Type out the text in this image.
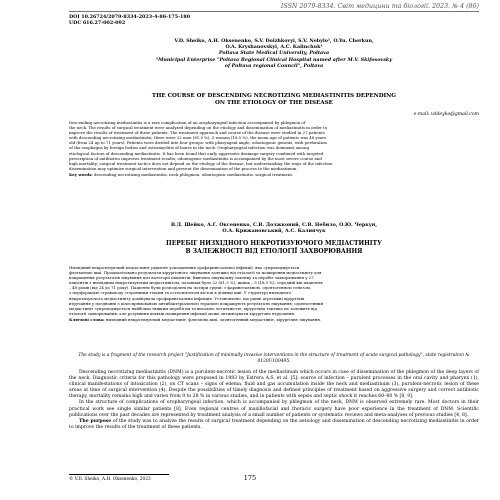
ISSN 2079-8334. Світ медицини та біології. 2023. № 4 (86)
DOI 10.26724/2079-8334-2023-4-86-175-180
UDC 616.27-002-092
V.D. Sheiko, A.H. Oksenenko, S.V. Dolzhkovyi, S.V. Nebylo¹, O.Yu. Cherkun,
O.A. Kryshanovskyi, A.C. Kalinchuk¹
Poltava State Medical University, Poltava
¹Municipal Enterprise "Poltava Regional Clinical Hospital named after M.V. Skifosovsky
of Poltava regional Council", Poltava
THE COURSE OF DESCENDING NECROTIZING MEDIASTINITIS DEPENDING
ON THE ETIOLOGY OF THE DISEASE
e-mail: vddeyko@gmail.com
Descending necrotizing mediastinitis is a rare complication of an oropharyngeal infection accompanied by phlegmon of
the neck. The results of surgical treatment were analyzed depending on the etiology and dissemination of mediastinitis in order to
improve the results of treatment of these patients. The treatment approach and course of the disease were studied in 27 patients
with descending necrotizing mediastinitis, there were 22 men (81.5 %), 5 women (18.5 %), the mean age of patients was 48 years
old (from 24 up to 71 years). Patients were divided into four groups: with pharyngeal angle, odontogenic genesis, with perforation
of the esophagus by foreign bodies and osteomyelitis of bones in the neck. Oropharyngeal infection was dominant among
etiological factors of descending mediastinitis. It has been found that early aggressive drainage surgery combined with targeted
prescription of antibiotics improves treatment results; odontogenic mediastinitis is accompanied by the most severe course and
high mortality; surgical treatment tactics does not depend on the etiology of the disease, but understanding the ways of the infection
dissemination may optimize surgical intervention and prevent the dissemination of the process to the mediastinum.
Key words: descending necrotizing mediastinitis, neck phlegmon, odontogenic mediastinitis, surgical treatment.
В.Д. Шейко, А.Г. Оксененко, С.В. Должковий, С.В. Небило, О.Ю. Черкун,
О.А. Крижановський, А.С. Калинчук
ПЕРЕБІГ НИЗХІДНОГО НЕКРОТИЗУЮЧОГО МЕДІАСТИНІТУ
В ЗАЛЕЖНОСТІ ВІД ЕТІОЛОГІЇ ЗАХВОРЮВАННЯ
Низхідний некротизуючий медіастиніт рідкісне ускладнення орофарингеальної інфекції, яка супроводжується
флегмоною шиї. Проаналізовано результати хірургічного лікування залежно від етіології та поширення медіастиніту для
покращення результатів лікування цієї категорії пацієнтів. Вивчено лікувальну тактику та перебіг захворювання у 27
пацієнтів з низхідним некротизуючим медіастинітом, чоловіків було 22 (81,5 %), жінок – 5 (18,5 %), середній вік пацієнтів
– 48 років (від 24 до 71 року). Пацієнти були розподілені на чотири групи: з фарингеальною, одонтогенною генезом,
з перфорацією стравоходу сторонніми тілами та остеомієлітом кісток в ділянці шиї. У структурі низхідного
некротизуючого медіастиніту домінувала орофарингеальна інфекція. Установлено, що ранні агресивні хірургічні
втручання у поєднанні з цілеспрямованою антибактеріальною терапією покращують результати лікування; одонтогенний
медіастиніт супроводжується найбільш тяжким перебігом та високою летальністю; хірургічна тактика не залежить від
етіології захворювання, але розуміння шляхів поширення інфекції може оптимізувати хірургічне втручання.
Ключові слова: низхідний некротизуючий медіастиніт, флегмона шиї, одонтогенний медіастиніт, хірургічне лікування.
The study is a fragment of the research project "Justification of minimally invasive interventions in the structure of treatment of acute surgical pathology", state registration № 0120U100495.

Descending necrotizing mediastinitis (DNM) is a purulent-necrotic lesion of the mediastinum which occurs in case of dissemination of the phlegmon of the deep layers of the neck. Diagnostic criteria for this pathology were proposed in 1983 by Estrera A.S. et al. [5]: source of infection – purulent processes in the oral cavity and pharynx (1), clinical manifestations of intoxication (2), on CT scans – signs of edema, fluid and gas accumulation inside the neck and mediastinum (3), purulent-necrotic lesion of these areas at time of surgical intervention (4). Despite the possibilities of timely diagnosis and defined principles of treatment based on aggressive surgery and correct antibiotic therapy, mortality remains high and varies from 9 to 28 % in various studies, and in patients with sepsis and septic shock it reaches 60–80 % [8, 9].

In the structure of complications of oropharyngeal infection, which is accompanied by phlegmon of the neck, DNM is observed extremely rare. Most doctors in their practical work see single similar patients [8]. Even regional centres of maxillofacial and thoracic surgery have poor experience in the treatment of DNM. Scientific publications over the past decades are represented by treatment analysis of a small number of patients or systematic reviews and meta-analyses of previous studies [4, 8].

The purpose of the study was to analyze the results of surgical treatment depending on the aetiology and dissemination of descending necrotizing mediastinitis in order to improve the results of the treatment of these patients.

© V.D. Sheiko, A.H. Oksenenko, 2023	175
